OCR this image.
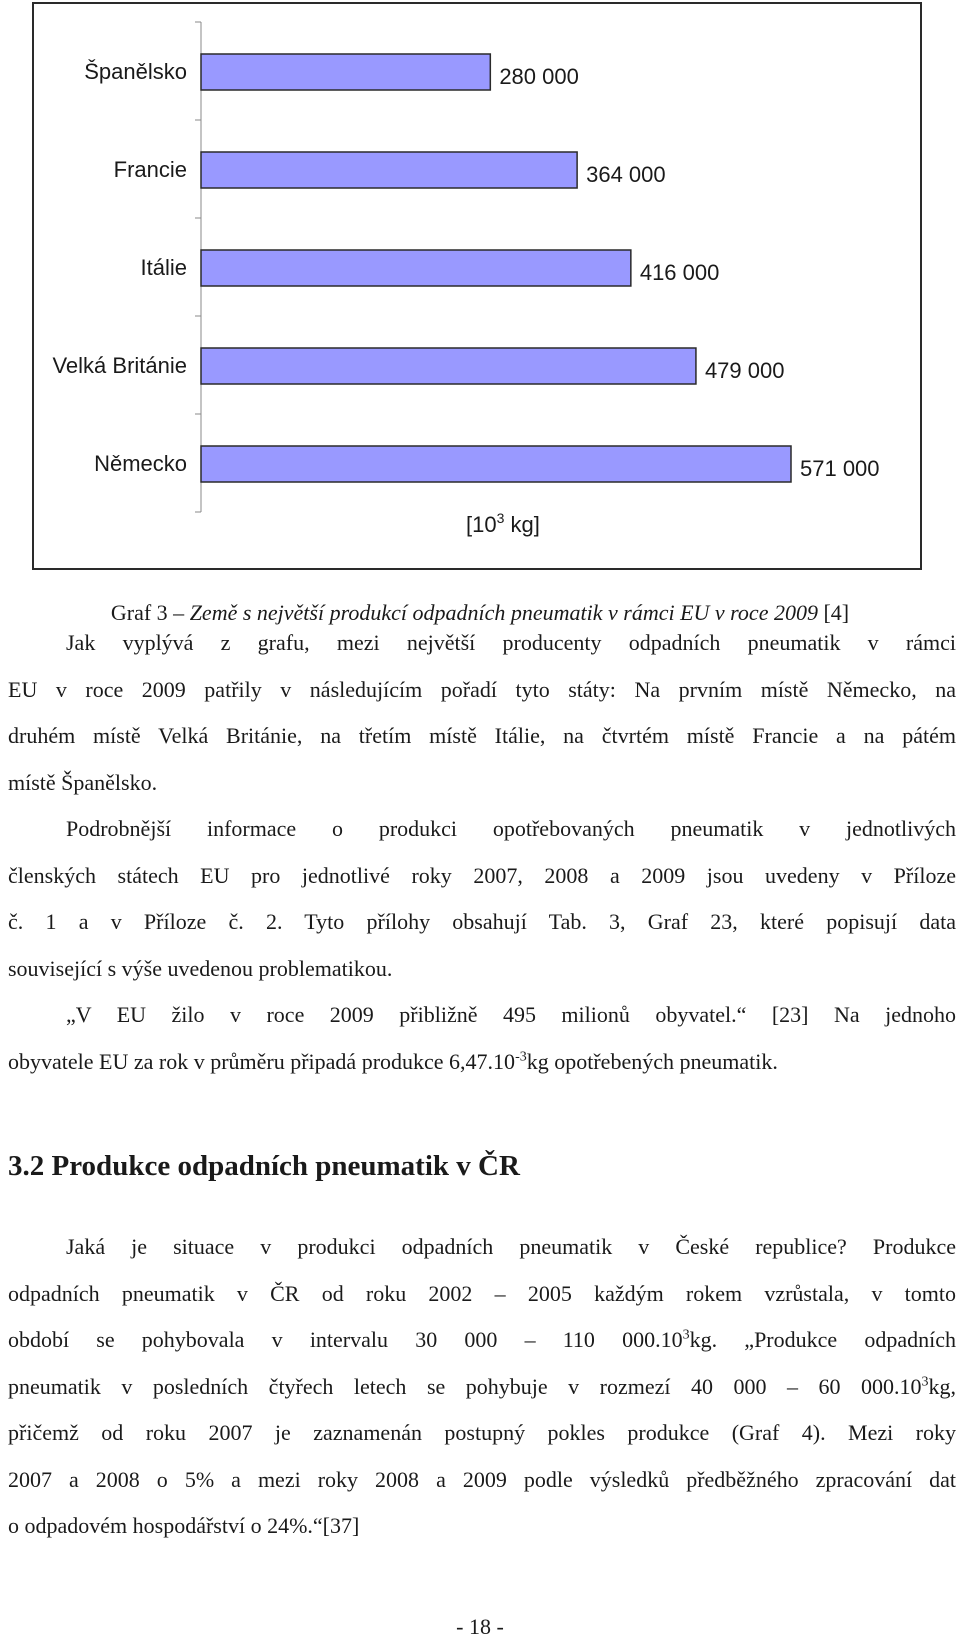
Španělsko	280 000
Francie	364 000
Itálie	416 000
Velká Británie	479 000
Německo	571 000
[$10^3$ kg]
Graf 3 – Země s největší produkcí odpadních pneumatik v rámci EU v roce 2009 [4]
Jak vyplývá z grafu, mezi největší producenty odpadních pneumatik v rámci
EU v roce 2009 patřily v následujícím pořadí tyto státy: Na prvním místě Německo, na
druhém místě Velká Británie, na třetím místě Itálie, na čtvrtém místě Francie a na pátém
místě Španělsko.
Podrobnější informace o produkci opotřebovaných pneumatik v jednotlivých
členských státech EU pro jednotlivé roky 2007, 2008 a 2009 jsou uvedeny v Příloze
č. 1 a v Příloze č. 2. Tyto přílohy obsahují Tab. 3, Graf 23, které popisují data
související s výše uvedenou problematikou.
„V EU žilo v roce 2009 přibližně 495 milionů obyvatel.“ [23] Na jednoho
obyvatele EU za rok v průměru připadá produkce $6,47.10^{-3}kg$ opotřebených pneumatik.
3.2 Produkce odpadních pneumatik v ČR
Jaká je situace v produkci odpadních pneumatik v České republice? Produkce
odpadních pneumatik v ČR od roku 2002 – 2005 každým rokem vzrůstala, v tomto
období se pohybovala v intervalu 30 000 – 110 000.10$^3$kg. „Produkce odpadních
pneumatik v posledních čtyřech letech se pohybuje v rozmezí 40 000 – 60 000.10$^3$kg,
přičemž od roku 2007 je zaznamenán postupný pokles produkce (Graf 4). Mezi roky
2007 a 2008 o 5% a mezi roky 2008 a 2009 podle výsledků předběžného zpracování dat
o odpadovém hospodářství o 24%.“[37]
- 18 -
